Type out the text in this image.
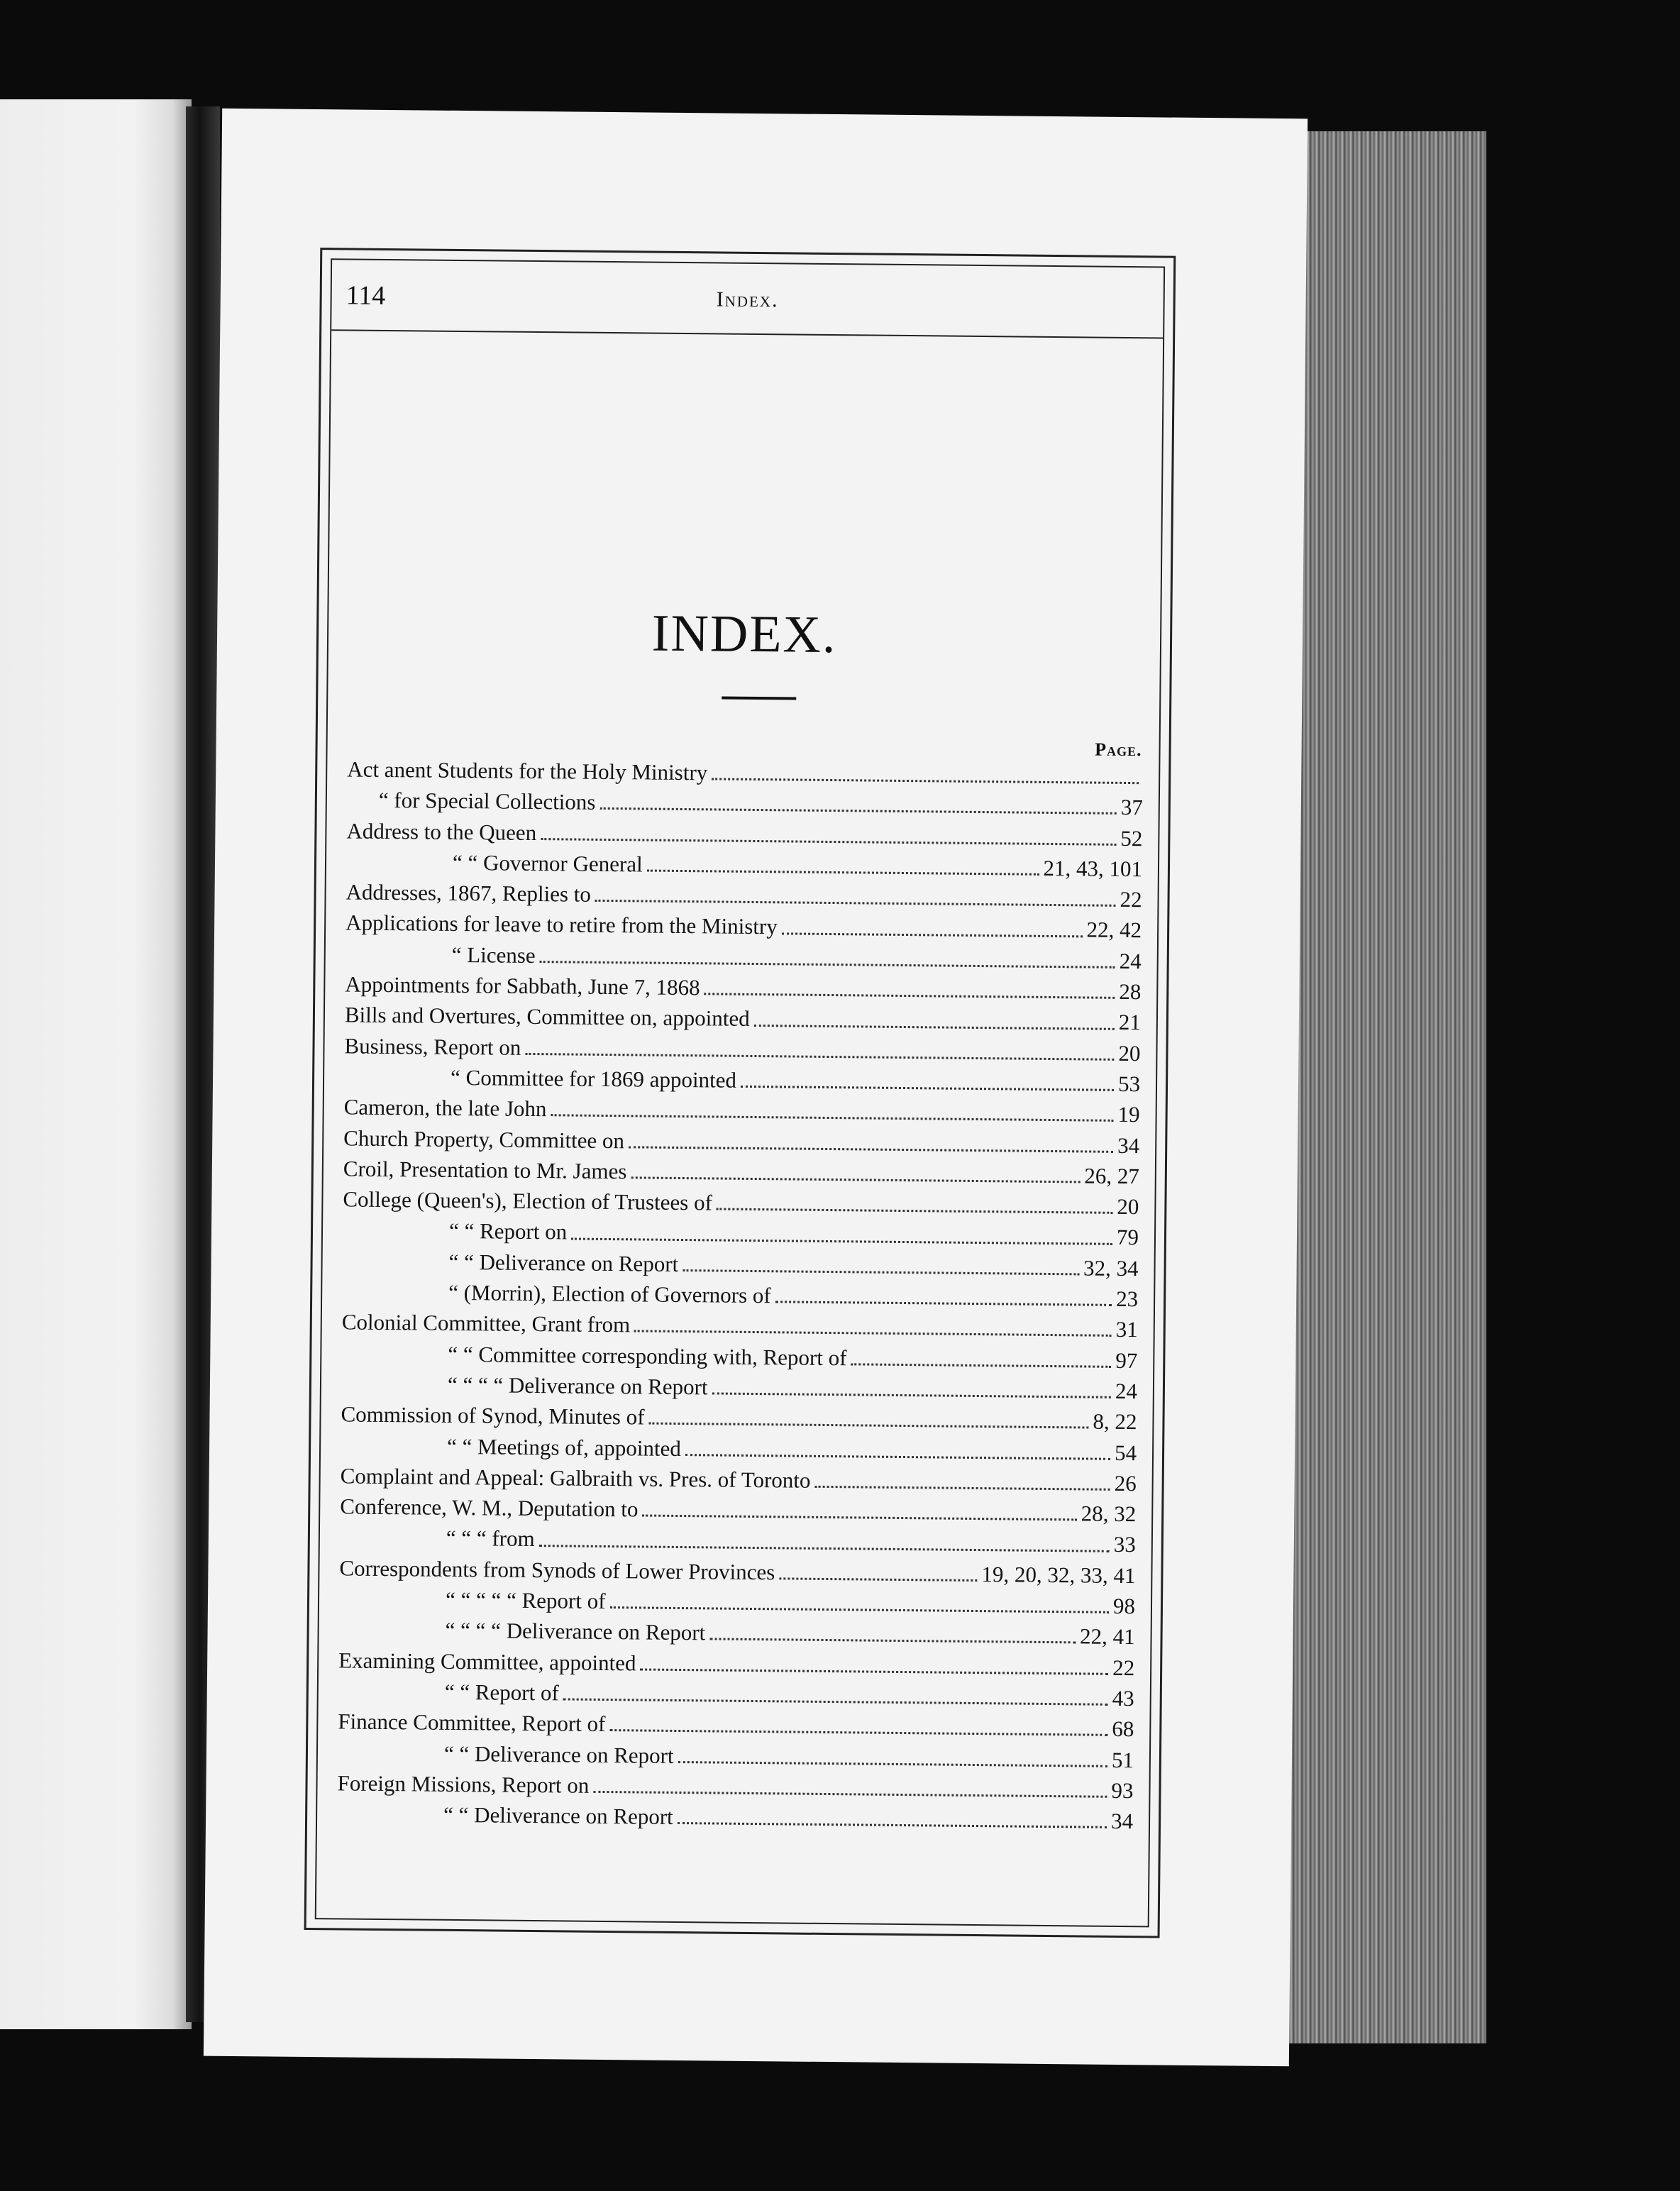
114	Index.
INDEX.
Page.
Act anent Students for the Holy Ministry
“ for Special Collections	37
Address to the Queen	52
“ “ Governor General	21, 43, 101
Addresses, 1867, Replies to	22
Applications for leave to retire from the Ministry	22, 42
“ License	24
Appointments for Sabbath, June 7, 1868	28
Bills and Overtures, Committee on, appointed	21
Business, Report on	20
“ Committee for 1869 appointed	53
Cameron, the late John	19
Church Property, Committee on	34
Croil, Presentation to Mr. James	26, 27
College (Queen's), Election of Trustees of	20
“ “ Report on	79
“ “ Deliverance on Report	32, 34
“ (Morrin), Election of Governors of	23
Colonial Committee, Grant from	31
“ “ Committee corresponding with, Report of	97
“ “ “ “ Deliverance on Report	24
Commission of Synod, Minutes of	8, 22
“ “ Meetings of, appointed	54
Complaint and Appeal: Galbraith vs. Pres. of Toronto	26
Conference, W. M., Deputation to	28, 32
“ “ “ from	33
Correspondents from Synods of Lower Provinces	19, 20, 32, 33, 41
“ “ “ “ “ Report of	98
“ “ “ “ Deliverance on Report	22, 41
Examining Committee, appointed	22
“ “ Report of	43
Finance Committee, Report of	68
“ “ Deliverance on Report	51
Foreign Missions, Report on	93
“ “ Deliverance on Report	34
